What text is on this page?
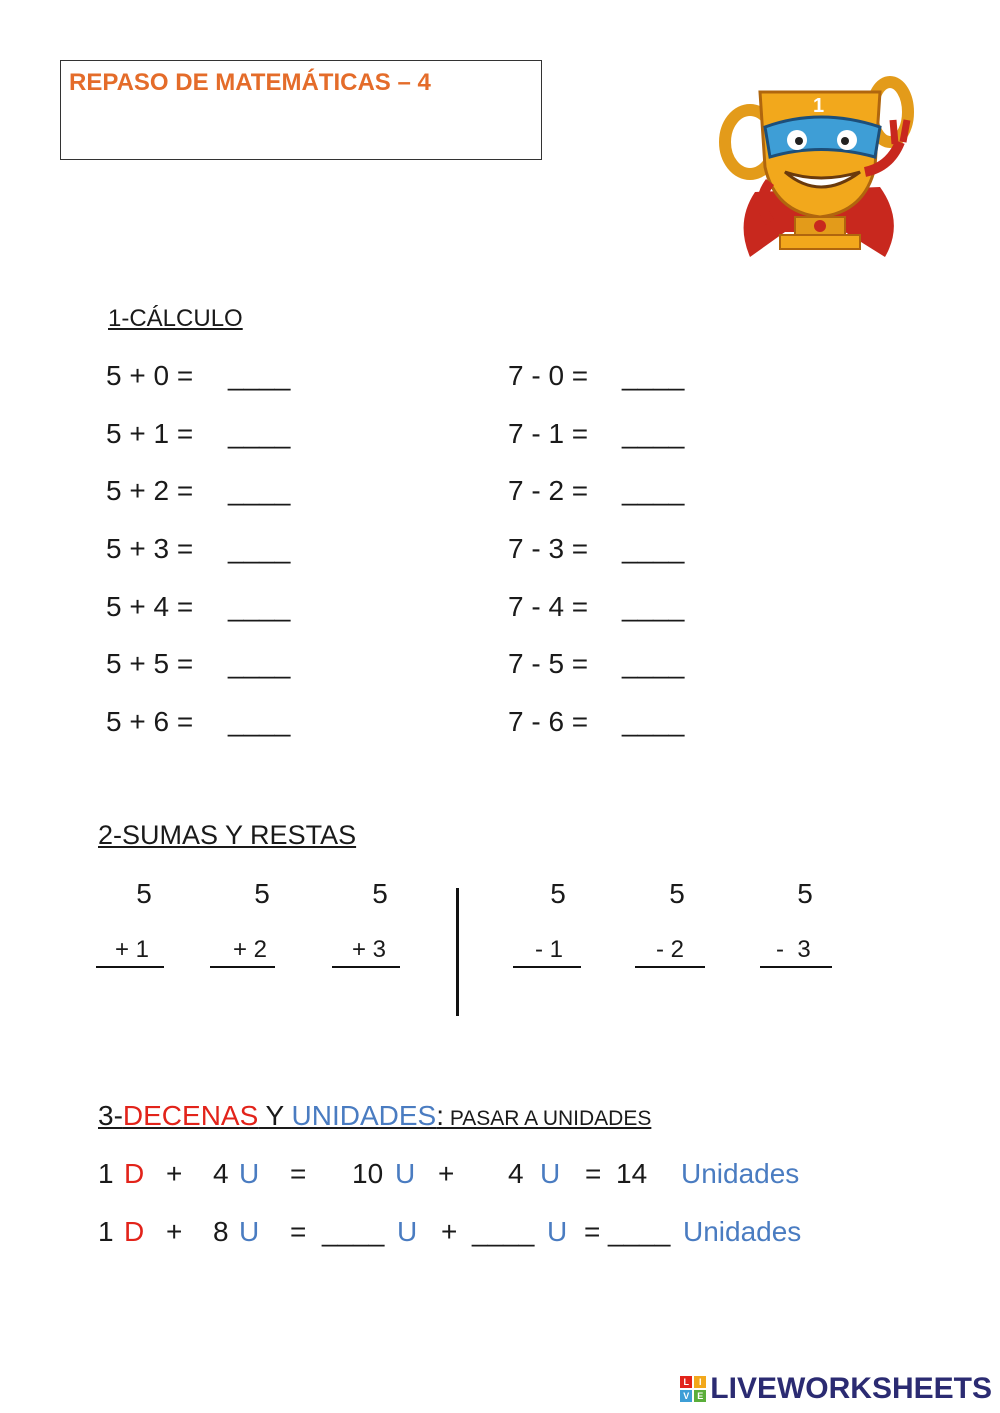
REPASO DE MATEMÁTICAS – 4
1
1-CÁLCULO
5 + 0 =
5 + 1 =
5 + 2 =
5 + 3 =
5 + 4 =
5 + 5 =
5 + 6 =
____
____
____
____
____
____
____
7 - 0 =
7 - 1 =
7 - 2 =
7 - 3 =
7 - 4 =
7 - 5 =
7 - 6 =
____
____
____
____
____
____
____
2-SUMAS Y RESTAS
5
+ 1
5
+ 2
5
+ 3
5
- 1
5
- 2
5
-  3
3-DECENAS Y UNIDADES: PASAR A UNIDADES
1 D + 4 U = 10 U + 4 U = 14 Unidades
1 D + 8 U = ____ U + ____ U = ____ Unidades
L	I
V E LIVEWORKSHEETS
